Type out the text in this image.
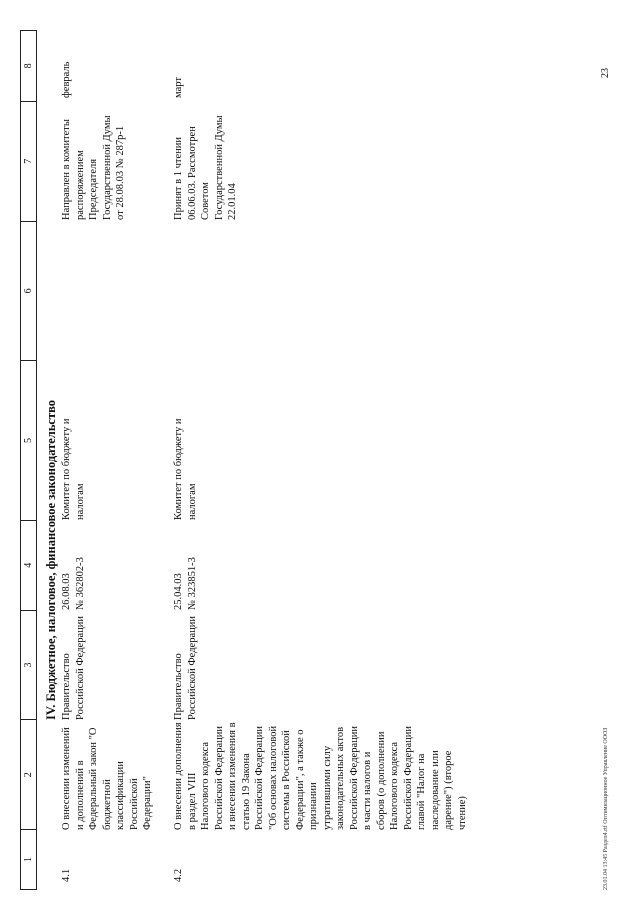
1
2
3
4
5
6
7
8
IV. Бюджетное, налоговое, финансовое законодательство
4.1
О внесении изменений и дополнений в Федеральный закон "О бюджетной классификации Российской Федерации"
Правительство Российской Федерации
26.08.03 № 362802-3
Комитет по бюджету и налогам
Направлен в комитеты распоряжением Председателя Государственной Думы от 28.08.03 № 287р-1
февраль
4.2
О внесении дополнения в раздел VIII Налогового кодекса Российской Федерации и внесении изменения в статью 19 Закона Российской Федерации "Об основах налоговой системы в Российской Федерации", а также о признании утратившими силу законодательных актов Российской Федерации в части налогов и сборов (о дополнении Налогового кодекса Российской Федерации главой "Налог на наследование или дарение") (второе чтение)
Правительство Российской Федерации
25.04.03 № 323851-3
Комитет по бюджету и налогам
Принят в 1 чтении 06.06.03. Рассмотрен Советом Государственной Думы 22.01.04
март
23
23.01.04 13:45 Раздел4.rtf Оптимизационное Управление ОООЗ
